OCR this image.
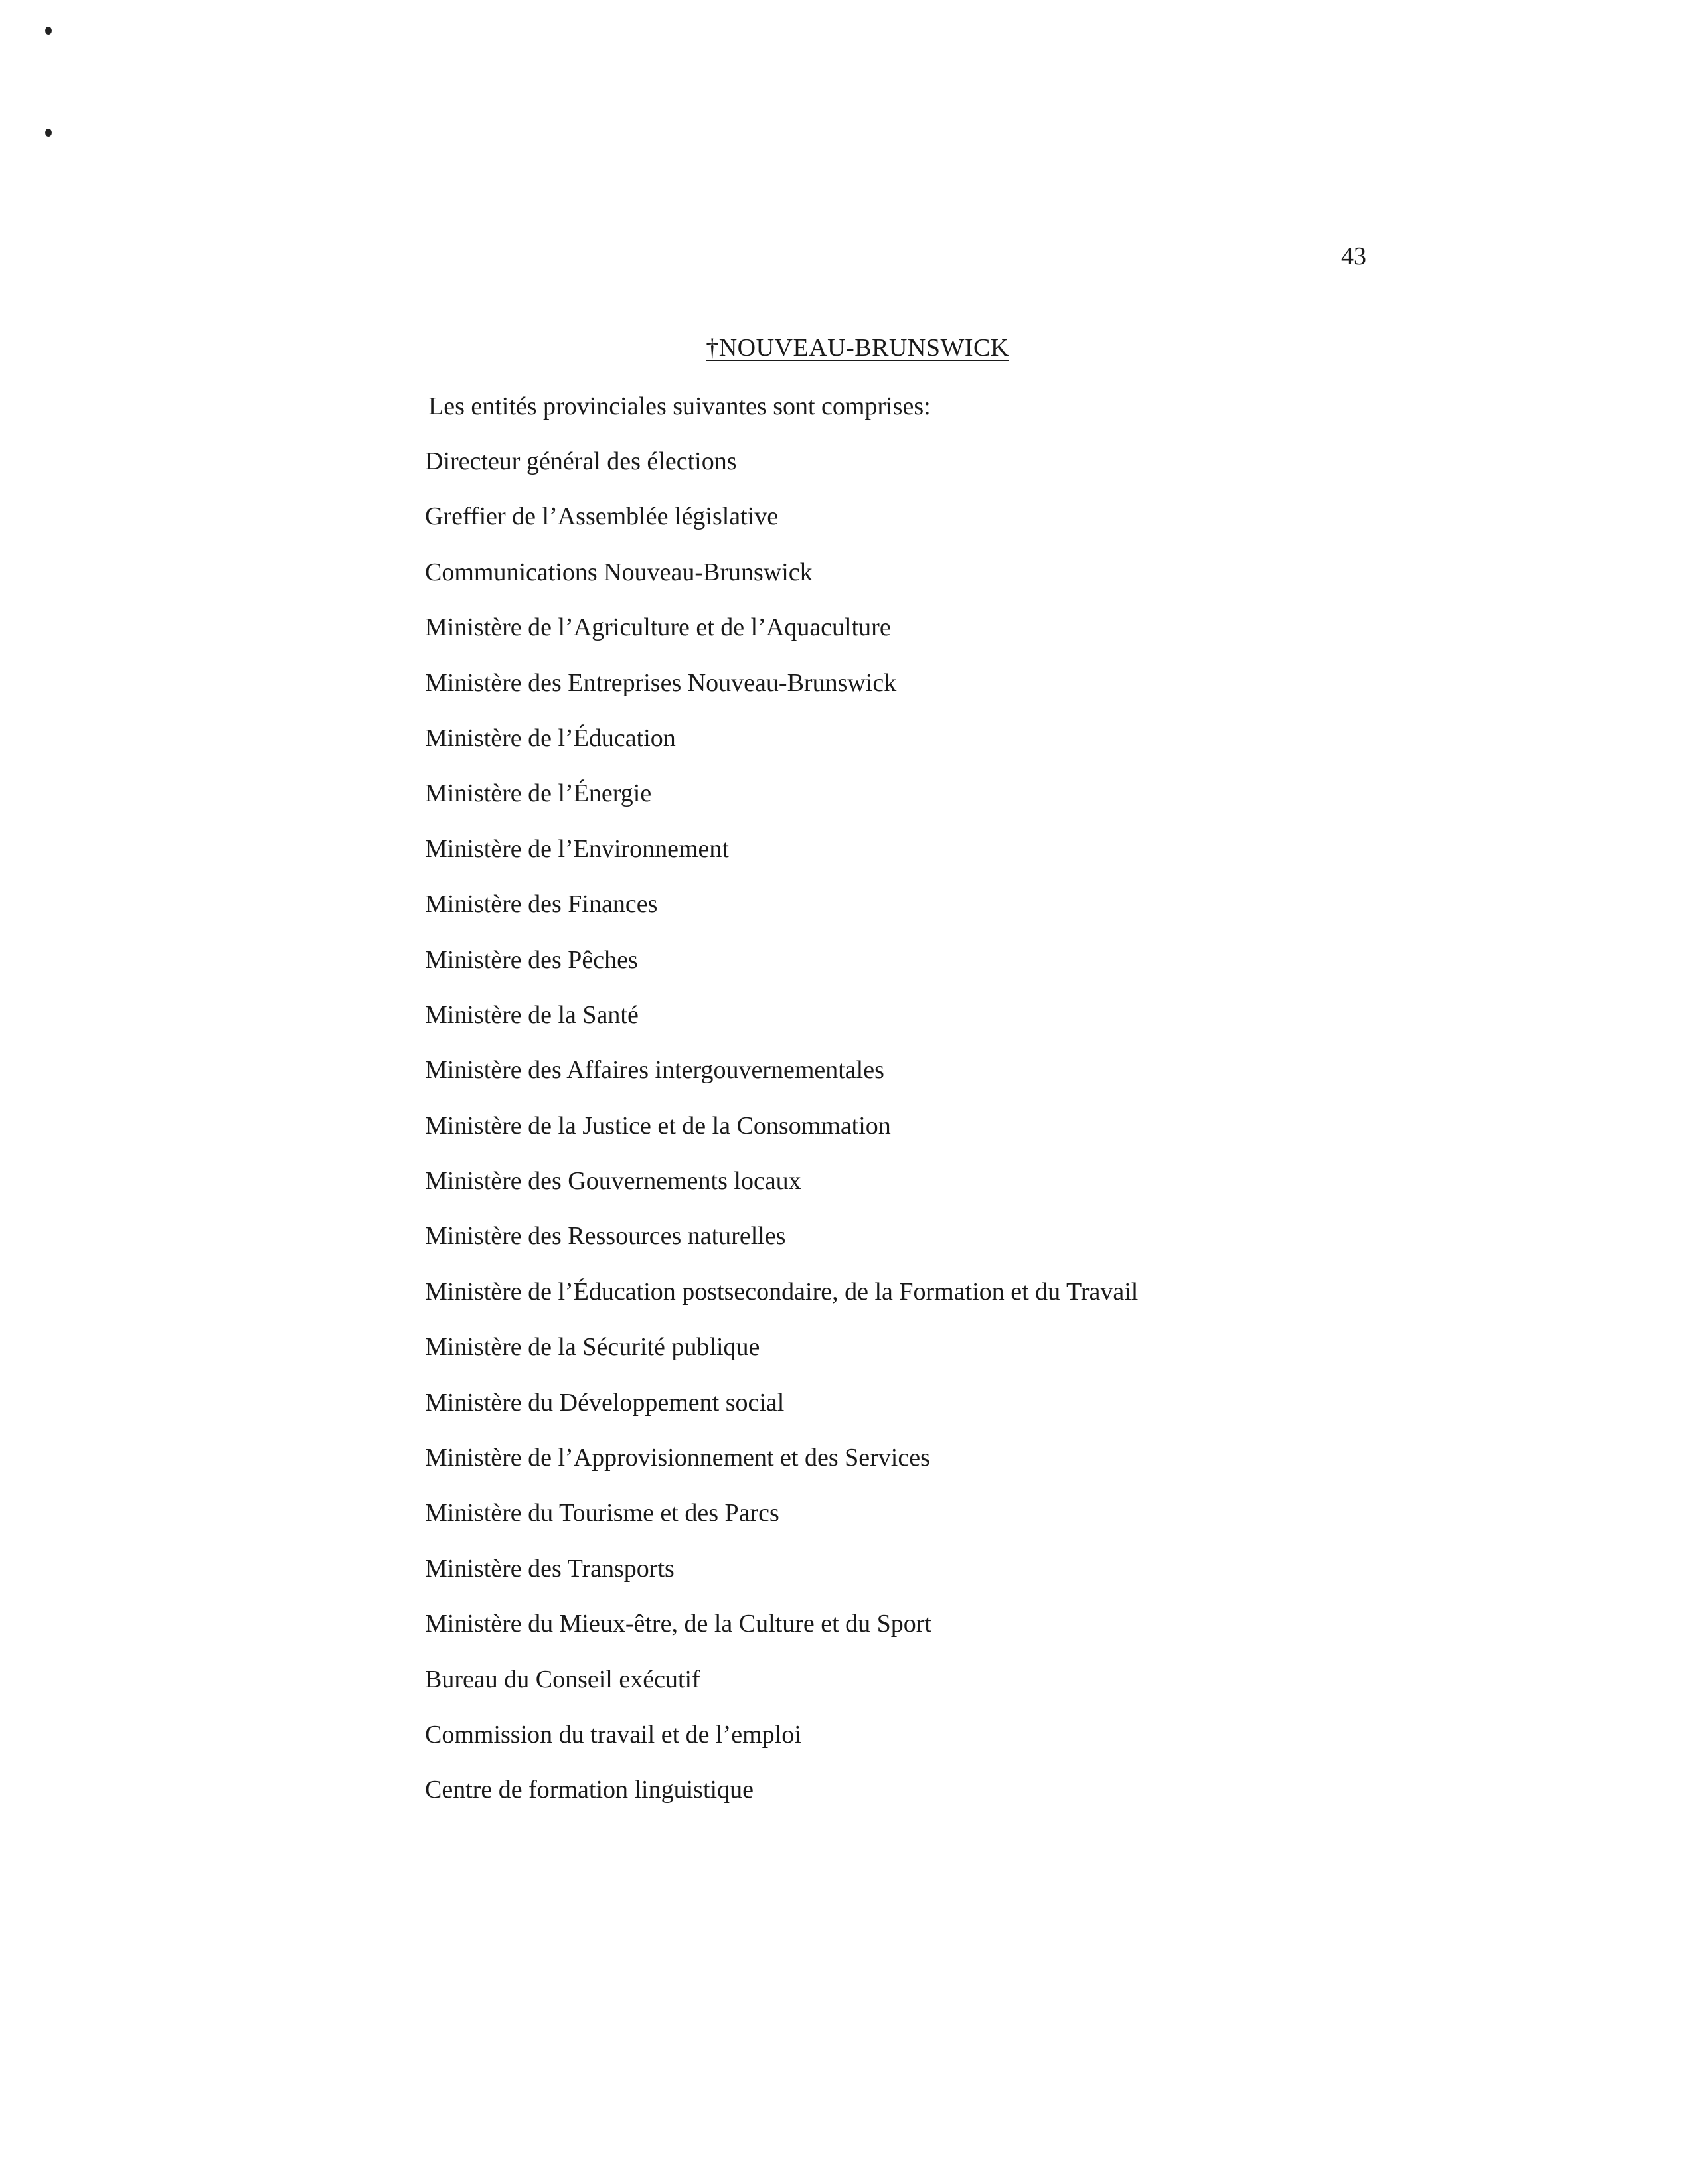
43
†NOUVEAU-BRUNSWICK
Les entités provinciales suivantes sont comprises:
Directeur général des élections
Greffier de l’Assemblée législative
Communications Nouveau-Brunswick
Ministère de l’Agriculture et de l’Aquaculture
Ministère des Entreprises Nouveau-Brunswick
Ministère de l’Éducation
Ministère de l’Énergie
Ministère de l’Environnement
Ministère des Finances
Ministère des Pêches
Ministère de la Santé
Ministère des Affaires intergouvernementales
Ministère de la Justice et de la Consommation
Ministère des Gouvernements locaux
Ministère des Ressources naturelles
Ministère de l’Éducation postsecondaire, de la Formation et du Travail
Ministère de la Sécurité publique
Ministère du Développement social
Ministère de l’Approvisionnement et des Services
Ministère du Tourisme et des Parcs
Ministère des Transports
Ministère du Mieux-être, de la Culture et du Sport
Bureau du Conseil exécutif
Commission du travail et de l’emploi
Centre de formation linguistique
